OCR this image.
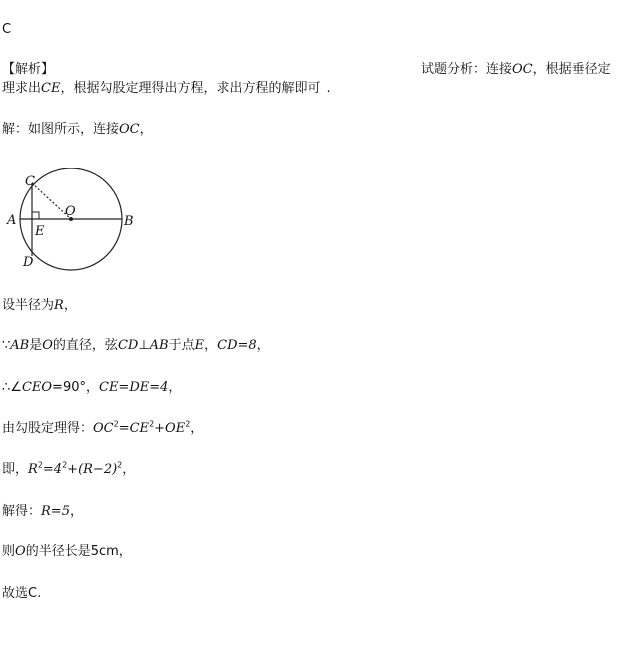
C
【解析】	试题分析：连接OC，根据垂径定
理求出CE，根据勾股定理得出方程，求出方程的解即可 .
解：如图所示，连接OC，
C
O
A
E
B
D
设半径为R，
∵AB是O的直径，弦CD⊥AB于点E，CD=8，
∴∠CEO=90°，CE=DE=4，
由勾股定理得：$OC^2=CE^2+OE^2$，
即，$R^2=4^2+(R-2)^2$，
解得：R=5，
则O的半径长是5cm，
故选C.
